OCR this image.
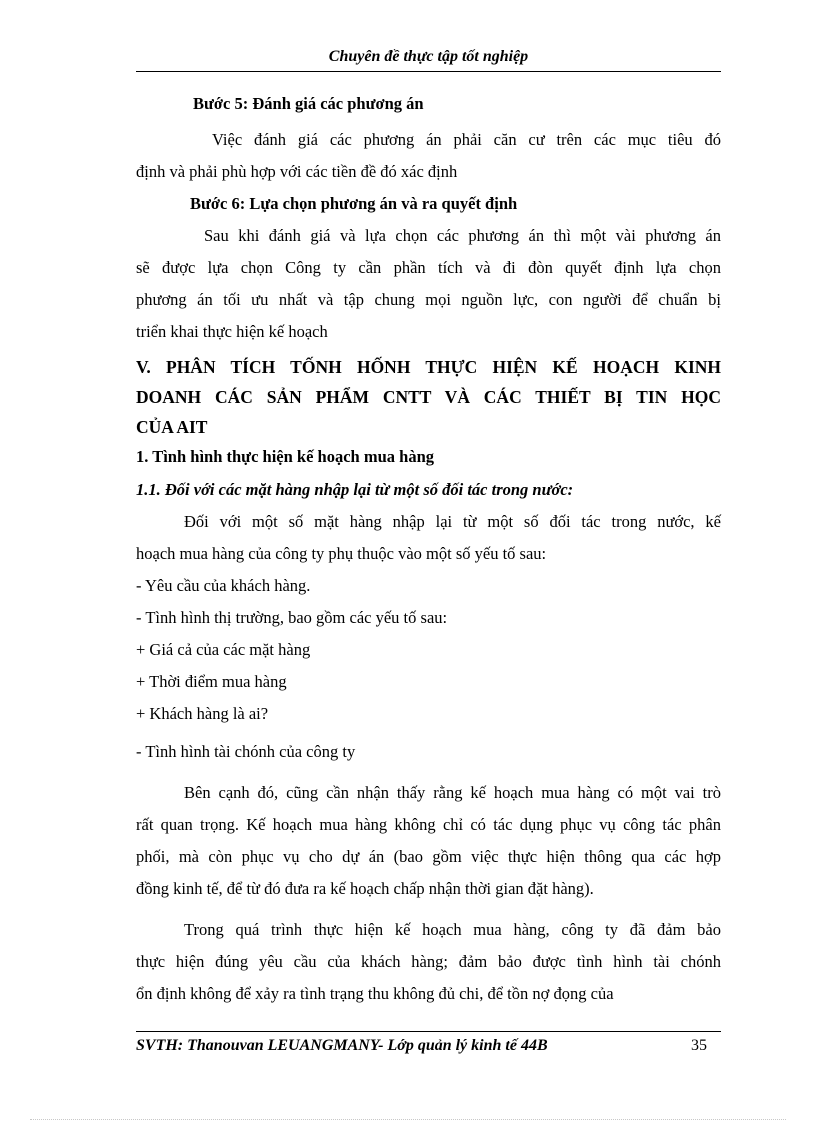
Chuyên đề thực tập tốt nghiệp
Bước 5: Đánh giá các phương án
Việc đánh giá các phương án phải căn cư trên các mục tiêu đó
định và phải phù hợp với các tiền đề đó xác định
Bước 6: Lựa chọn phương án và ra quyết định
Sau khi đánh giá và lựa chọn các phương án thì một vài phương án
sẽ được lựa chọn Công ty cần phần tích và đi đòn quyết định lựa chọn
phương án tối ưu nhất và tập chung mọi nguồn lực, con người để chuẩn bị
triển khai thực hiện kế hoạch
V. PHÂN TÍCH TỐNH HỐNH THỰC HIỆN KẾ HOẠCH KINH
DOANH CÁC SẢN PHẨM CNTT VÀ CÁC THIẾT BỊ TIN HỌC
CỦA AIT
1. Tình hình thực hiện kế hoạch mua hàng
1.1. Đối với các mặt hàng nhập lại từ một số đối tác trong nước:
Đối với một số mặt hàng nhập lại từ một số đối tác trong nước, kế
hoạch mua hàng của công ty phụ thuộc vào một số yếu tố sau:
- Yêu cầu của khách hàng.
- Tình hình thị trường, bao gồm các yếu tố sau:
+ Giá cả của các mặt hàng
+ Thời điểm mua hàng
+ Khách hàng là ai?
- Tình hình tài chónh của công ty
Bên cạnh đó, cũng cần nhận thấy rằng kế hoạch mua hàng có một vai trò
rất quan trọng. Kế hoạch mua hàng không chỉ có tác dụng phục vụ công tác phân
phối, mà còn phục vụ cho dự án (bao gồm việc thực hiện thông qua các hợp
đồng kinh tế, để từ đó đưa ra kế hoạch chấp nhận thời gian đặt hàng).
Trong quá trình thực hiện kế hoạch mua hàng, công ty đã đảm bảo
thực hiện đúng yêu cầu của khách hàng; đảm bảo được tình hình tài chónh
ổn định không để xảy ra tình trạng thu không đủ chi, để tồn nợ đọng của
SVTH: Thanouvan LEUANGMANY- Lớp quản lý kinh tế 44B	35
